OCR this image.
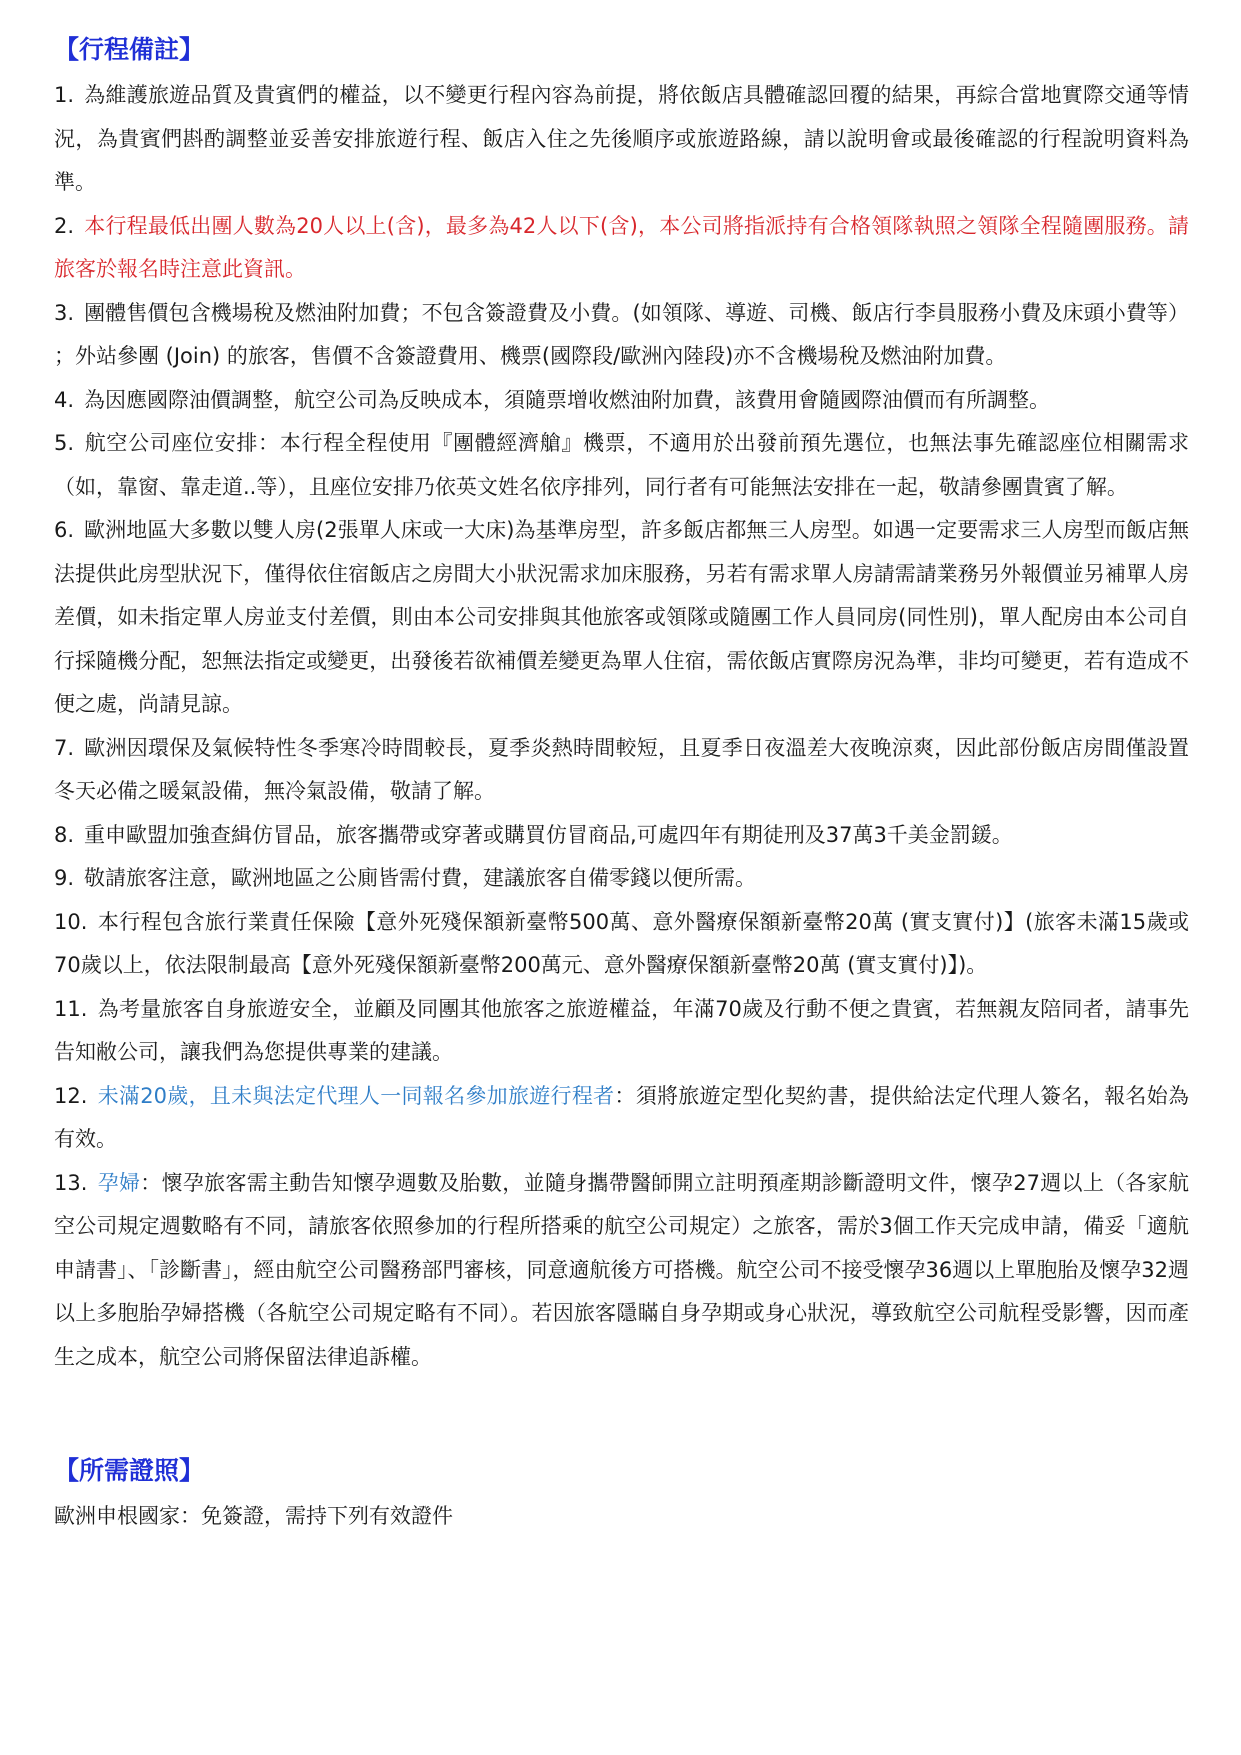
【行程備註】
1. 為維護旅遊品質及貴賓們的權益，以不變更行程內容為前提，將依飯店具體確認回覆的結果，再綜合當地實際交通等情況，為貴賓們斟酌調整並妥善安排旅遊行程、飯店入住之先後順序或旅遊路線，請以說明會或最後確認的行程說明資料為準。
2. 本行程最低出團人數為20人以上(含)，最多為42人以下(含)，本公司將指派持有合格領隊執照之領隊全程隨團服務。請旅客於報名時注意此資訊。
3. 團體售價包含機場稅及燃油附加費；不包含簽證費及小費。(如領隊、導遊、司機、飯店行李員服務小費及床頭小費等） ；外站參團 (Join) 的旅客，售價不含簽證費用、機票(國際段/歐洲內陸段)亦不含機場稅及燃油附加費。
4. 為因應國際油價調整，航空公司為反映成本，須隨票增收燃油附加費，該費用會隨國際油價而有所調整。
5. 航空公司座位安排：本行程全程使用『團體經濟艙』機票，不適用於出發前預先選位，也無法事先確認座位相關需求（如，靠窗、靠走道..等），且座位安排乃依英文姓名依序排列，同行者有可能無法安排在一起，敬請參團貴賓了解。
6. 歐洲地區大多數以雙人房(2張單人床或一大床)為基準房型，許多飯店都無三人房型。如遇一定要需求三人房型而飯店無法提供此房型狀況下，僅得依住宿飯店之房間大小狀況需求加床服務，另若有需求單人房請需請業務另外報價並另補單人房差價，如未指定單人房並支付差價，則由本公司安排與其他旅客或領隊或隨團工作人員同房(同性別)，單人配房由本公司自行採隨機分配，恕無法指定或變更，出發後若欲補價差變更為單人住宿，需依飯店實際房況為準，非均可變更，若有造成不便之處，尚請見諒。
7. 歐洲因環保及氣候特性冬季寒冷時間較長，夏季炎熱時間較短，且夏季日夜溫差大夜晚涼爽，因此部份飯店房間僅設置冬天必備之暖氣設備，無冷氣設備，敬請了解。
8. 重申歐盟加強查緝仿冒品，旅客攜帶或穿著或購買仿冒商品,可處四年有期徒刑及37萬3千美金罰鍰。
9. 敬請旅客注意，歐洲地區之公廁皆需付費，建議旅客自備零錢以便所需。
10. 本行程包含旅行業責任保險【意外死殘保額新臺幣500萬、意外醫療保額新臺幣20萬 (實支實付)】(旅客未滿15歲或70歲以上，依法限制最高【意外死殘保額新臺幣200萬元、意外醫療保額新臺幣20萬 (實支實付)】)。
11. 為考量旅客自身旅遊安全，並顧及同團其他旅客之旅遊權益，年滿70歲及行動不便之貴賓，若無親友陪同者，請事先告知敝公司，讓我們為您提供專業的建議。
12. 未滿20歲，且未與法定代理人一同報名參加旅遊行程者：須將旅遊定型化契約書，提供給法定代理人簽名，報名始為有效。
13. 孕婦：懷孕旅客需主動告知懷孕週數及胎數，並隨身攜帶醫師開立註明預產期診斷證明文件，懷孕27週以上（各家航空公司規定週數略有不同，請旅客依照參加的行程所搭乘的航空公司規定）之旅客，需於3個工作天完成申請，備妥「適航申請書」、「診斷書」，經由航空公司醫務部門審核，同意適航後方可搭機。航空公司不接受懷孕36週以上單胞胎及懷孕32週以上多胞胎孕婦搭機（各航空公司規定略有不同）。若因旅客隱瞞自身孕期或身心狀況，導致航空公司航程受影響，因而產生之成本，航空公司將保留法律追訴權。
【所需證照】

歐洲申根國家：免簽證，需持下列有效證件
